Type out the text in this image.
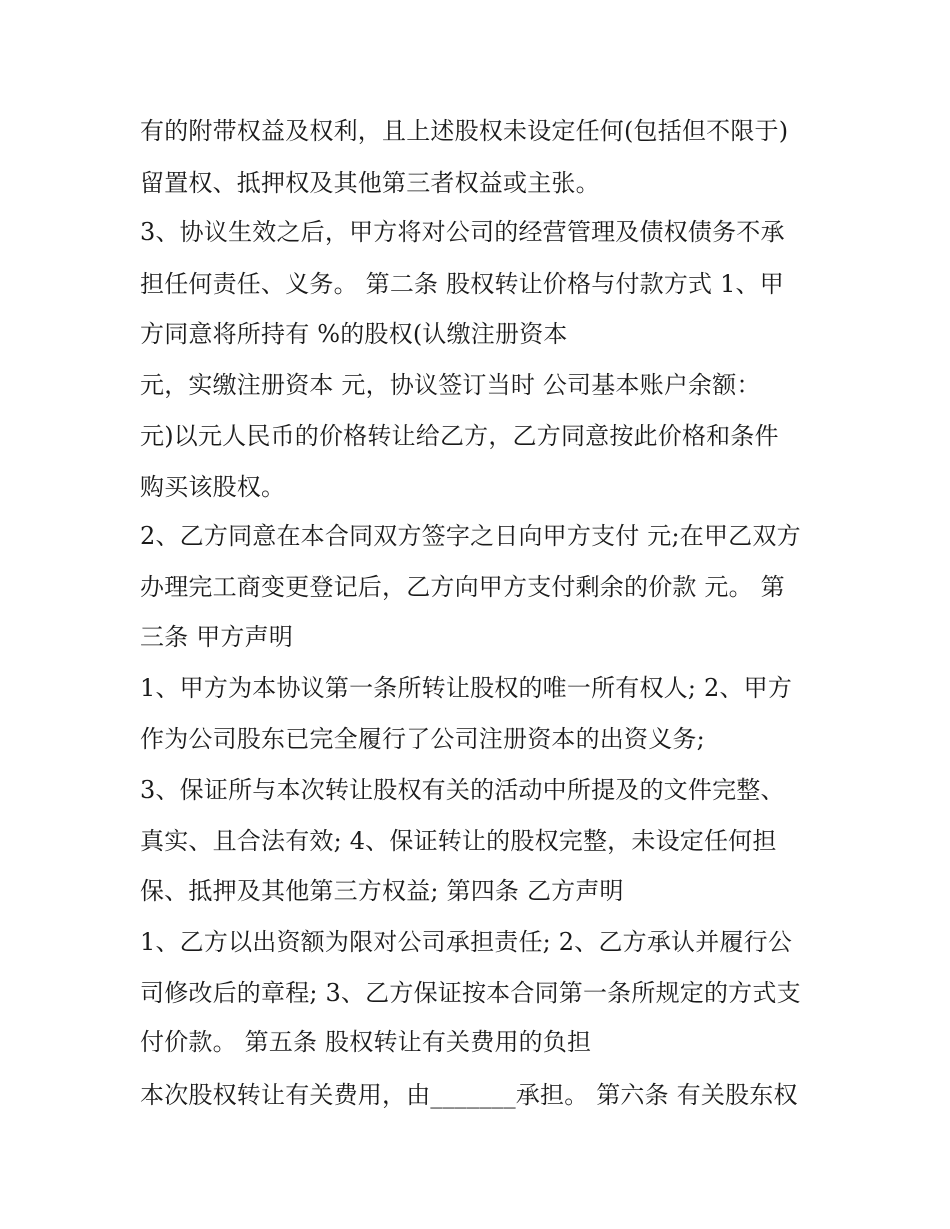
有的附带权益及权利，且上述股权未设定任何(包括但不限于)
留置权、抵押权及其他第三者权益或主张。
3、协议生效之后，甲方将对公司的经营管理及债权债务不承
担任何责任、义务。 第二条 股权转让价格与付款方式 1、甲
方同意将所持有 %的股权(认缴注册资本
元，实缴注册资本 元，协议签订当时 公司基本账户余额：
元)以元人民币的价格转让给乙方，乙方同意按此价格和条件
购买该股权。
2、乙方同意在本合同双方签字之日向甲方支付 元;在甲乙双方
办理完工商变更登记后，乙方向甲方支付剩余的价款 元。 第
三条 甲方声明
1、甲方为本协议第一条所转让股权的唯一所有权人; 2、甲方
作为公司股东已完全履行了公司注册资本的出资义务;
3、保证所与本次转让股权有关的活动中所提及的文件完整、
真实、且合法有效; 4、保证转让的股权完整，未设定任何担
保、抵押及其他第三方权益; 第四条 乙方声明
1、乙方以出资额为限对公司承担责任; 2、乙方承认并履行公
司修改后的章程; 3、乙方保证按本合同第一条所规定的方式支
付价款。 第五条 股权转让有关费用的负担
本次股权转让有关费用，由_______承担。 第六条 有关股东权
